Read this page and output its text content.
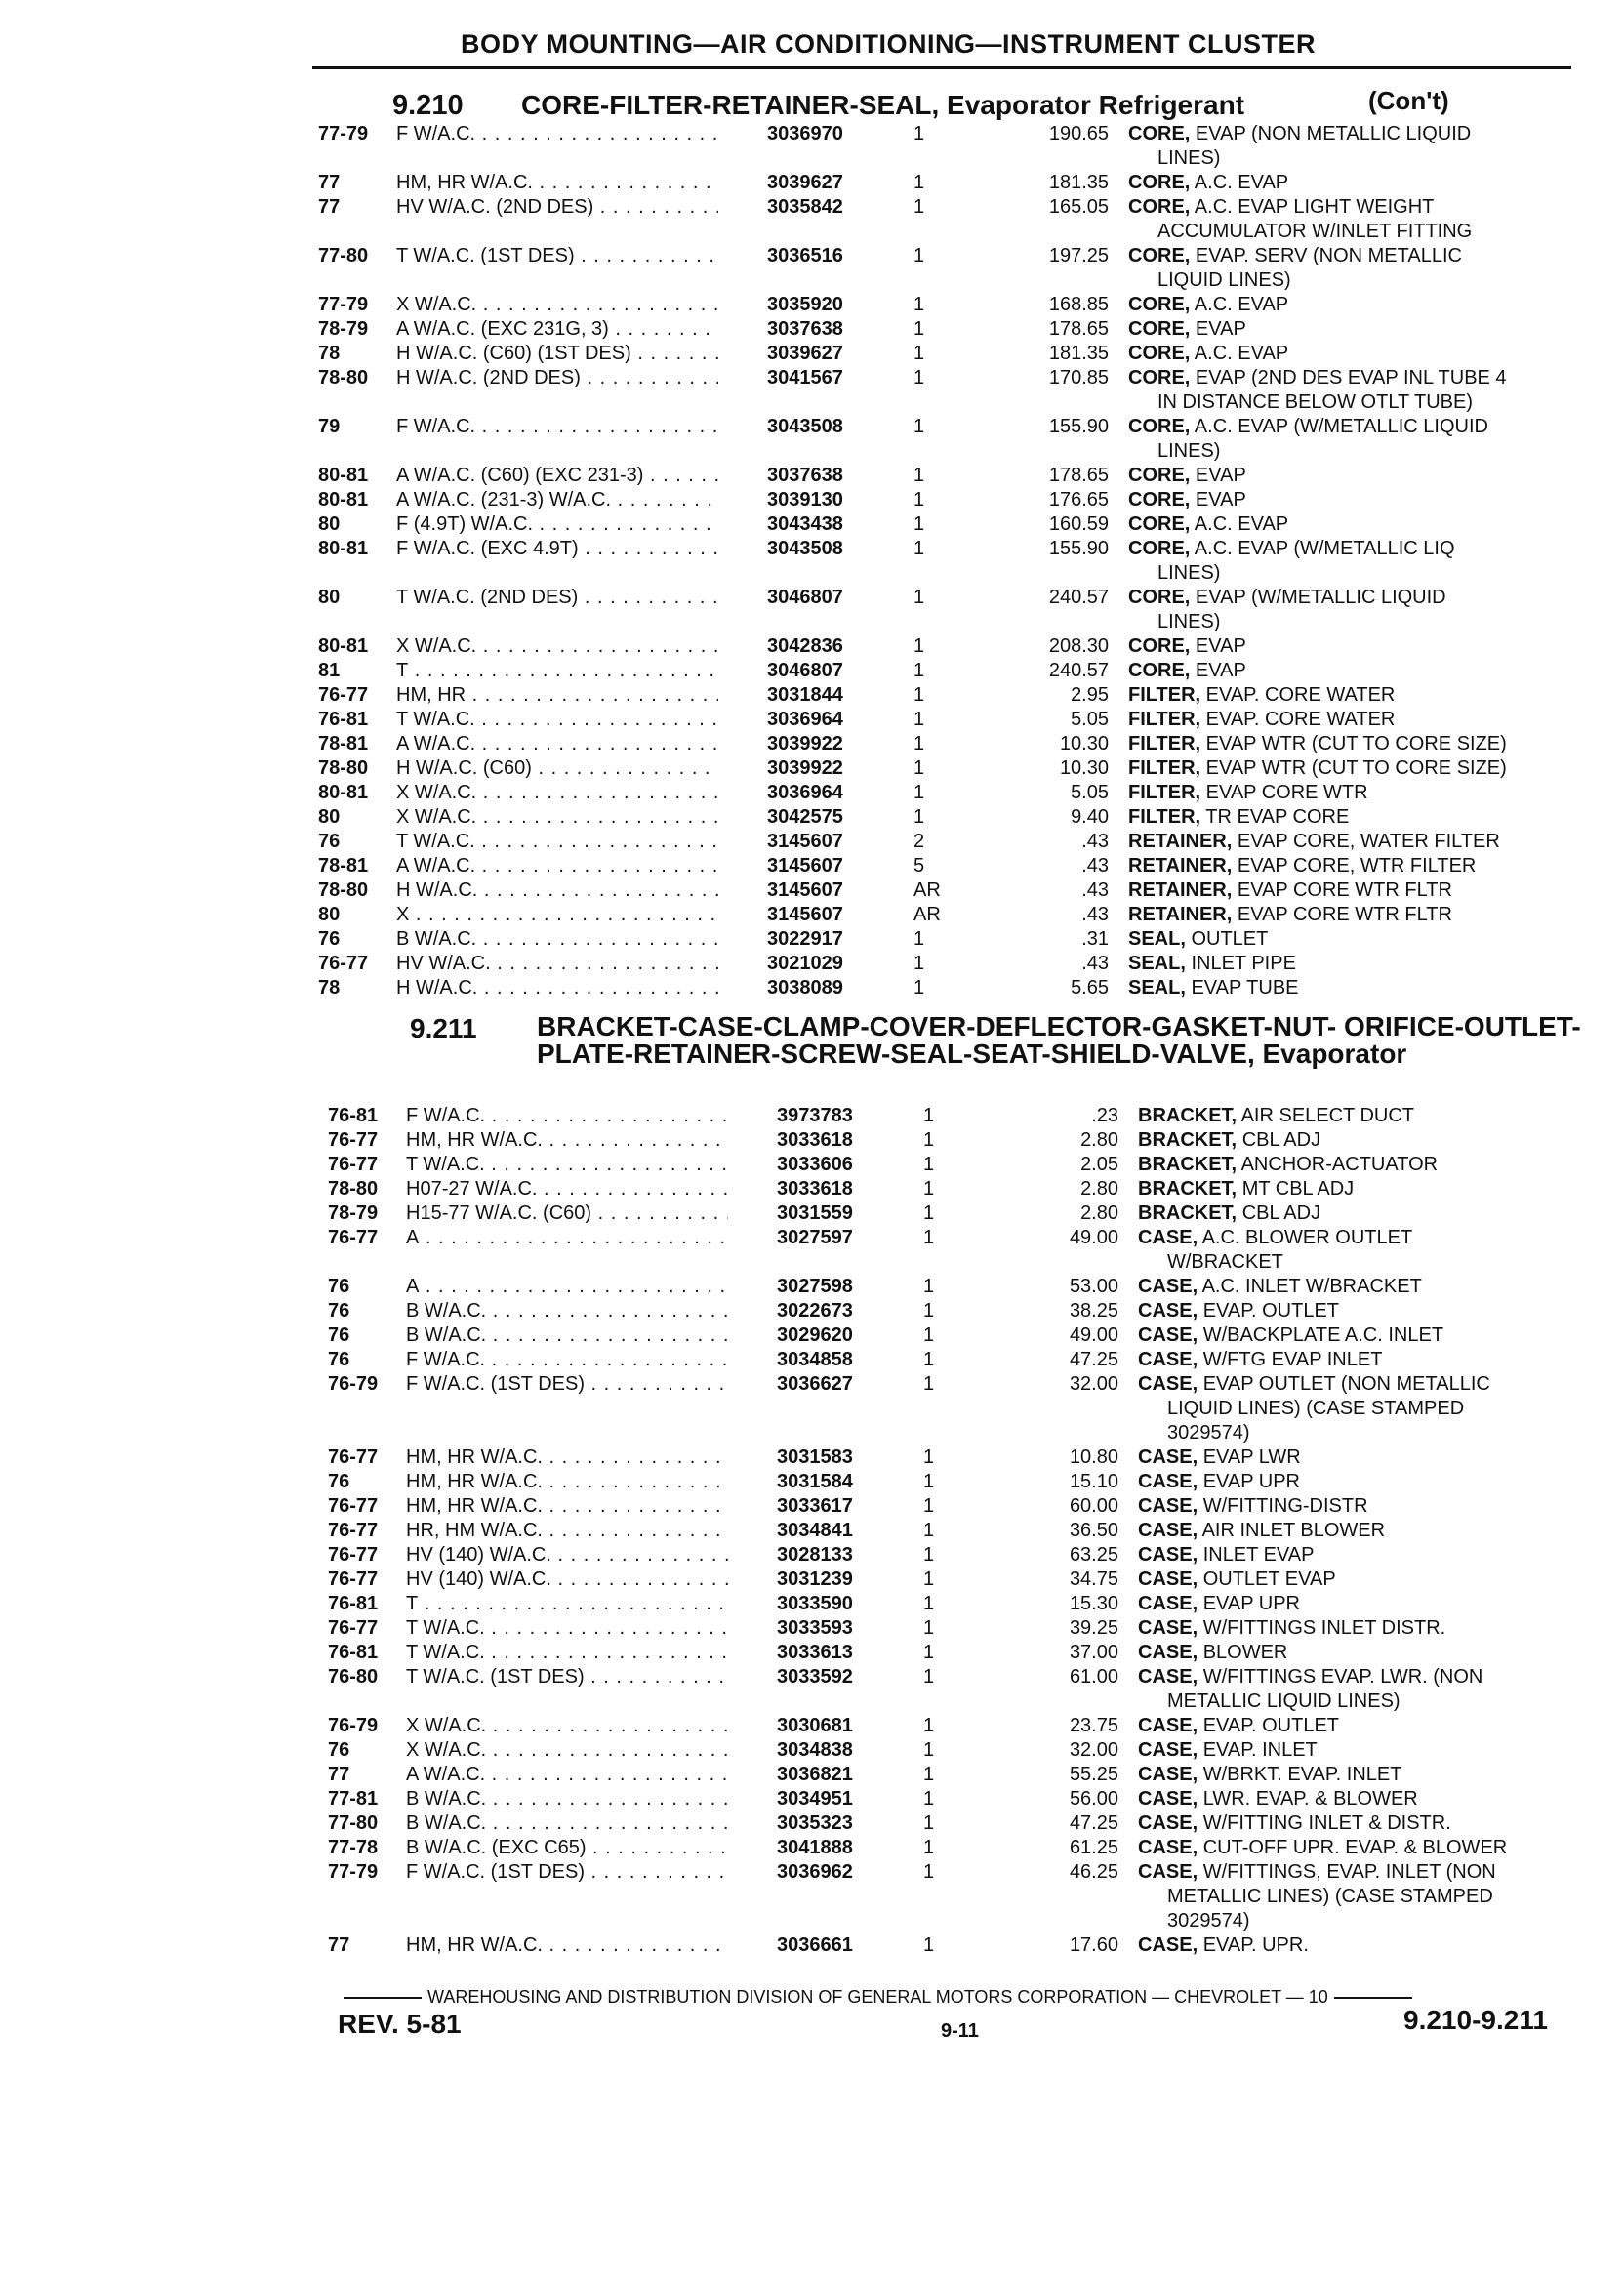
BODY MOUNTING—AIR CONDITIONING—INSTRUMENT CLUSTER
9.210 CORE-FILTER-RETAINER-SEAL, Evaporator Refrigerant	(Con't)
77-79 F W/A.C. . . .	3036970	1	190.65 CORE, EVAP (NON METALLIC LIQUID
LINES)
77	HM, HR W/A.C. . . .	3039627	1	181.35 CORE, A.C. EVAP
77	HV W/A.C. (2ND DES) . . .	3035842	1	165.05 CORE, A.C. EVAP LIGHT WEIGHT
ACCUMULATOR W/INLET FITTING
77-80 T W/A.C. (1ST DES) . . .	3036516	1	197.25 CORE, EVAP. SERV (NON METALLIC
LIQUID LINES)
77-79 X W/A.C. . . .	3035920	1	168.85 CORE, A.C. EVAP
78-79 A W/A.C. (EXC 231G, 3) . . .	3037638	1	178.65 CORE, EVAP
78	H W/A.C. (C60) (1ST DES) . . .	3039627	1	181.35 CORE, A.C. EVAP
78-80 H W/A.C. (2ND DES) . . .	3041567	1	170.85 CORE, EVAP (2ND DES EVAP INL TUBE 4
IN DISTANCE BELOW OTLT TUBE)
79	F W/A.C. . . .	3043508	1	155.90 CORE, A.C. EVAP (W/METALLIC LIQUID
LINES)
80-81 A W/A.C. (C60) (EXC 231-3) . . .	3037638	1	178.65 CORE, EVAP
80-81 A W/A.C. (231-3) W/A.C. . . .	3039130	1	176.65 CORE, EVAP
80	F (4.9T) W/A.C. . . .	3043438	1	160.59 CORE, A.C. EVAP
80-81 F W/A.C. (EXC 4.9T) . . .	3043508	1	155.90 CORE, A.C. EVAP (W/METALLIC LIQ
LINES)
80	T W/A.C. (2ND DES) . . .	3046807	1	240.57 CORE, EVAP (W/METALLIC LIQUID
LINES)
80-81 X W/A.C. . . .	3042836	1	208.30 CORE, EVAP
81	T . . .	3046807	1	240.57 CORE, EVAP
76-77 HM, HR . . .	3031844	1	2.95 FILTER, EVAP. CORE WATER
76-81 T W/A.C. . . .	3036964	1	5.05 FILTER, EVAP. CORE WATER
78-81 A W/A.C. . . .	3039922	1	10.30 FILTER, EVAP WTR (CUT TO CORE SIZE)
78-80 H W/A.C. (C60) . . .	3039922	1	10.30 FILTER, EVAP WTR (CUT TO CORE SIZE)
80-81 X W/A.C. . . .	3036964	1	5.05 FILTER, EVAP CORE WTR
80	X W/A.C. . . .	3042575	1	9.40 FILTER, TR EVAP CORE
76	T W/A.C. . . .	3145607	2	.43 RETAINER, EVAP CORE, WATER FILTER
78-81 A W/A.C. . . .	3145607	5	.43 RETAINER, EVAP CORE, WTR FILTER
78-80 H W/A.C. . . .	3145607	AR	.43 RETAINER, EVAP CORE WTR FLTR
80	X . . .	3145607	AR	.43 RETAINER, EVAP CORE WTR FLTR
76	B W/A.C. . . .	3022917	1	.31 SEAL, OUTLET
76-77 HV W/A.C. . . .	3021029	1	.43 SEAL, INLET PIPE
78	H W/A.C. . . .	3038089	1	5.65 SEAL, EVAP TUBE
9.211 BRACKET-CASE-CLAMP-COVER-DEFLECTOR-GASKET-NUT- ORIFICE-OUTLET-PLATE-RETAINER-SCREW-SEAL-SEAT-SHIELD-VALVE, Evaporator
76-81 F W/A.C. . . .	3973783	1	.23 BRACKET, AIR SELECT DUCT
76-77 HM, HR W/A.C. . . .	3033618	1	2.80 BRACKET, CBL ADJ
76-77 T W/A.C. . . .	3033606	1	2.05 BRACKET, ANCHOR-ACTUATOR
78-80 H07-27 W/A.C. . . .	3033618	1	2.80 BRACKET, MT CBL ADJ
78-79 H15-77 W/A.C. (C60) . . .	3031559	1	2.80 BRACKET, CBL ADJ
76-77 A . . .	3027597	1	49.00 CASE, A.C. BLOWER OUTLET
W/BRACKET
76	A . . .	3027598	1	53.00 CASE, A.C. INLET W/BRACKET
76	B W/A.C. . . .	3022673	1	38.25 CASE, EVAP. OUTLET
76	B W/A.C. . . .	3029620	1	49.00 CASE, W/BACKPLATE A.C. INLET
76	F W/A.C. . . .	3034858	1	47.25 CASE, W/FTG EVAP INLET
76-79 F W/A.C. (1ST DES) . . .	3036627	1	32.00 CASE, EVAP OUTLET (NON METALLIC
LIQUID LINES) (CASE STAMPED
3029574)
76-77 HM, HR W/A.C. . . .	3031583	1	10.80 CASE, EVAP LWR
76	HM, HR W/A.C. . . .	3031584	1	15.10 CASE, EVAP UPR
76-77 HM, HR W/A.C. . . .	3033617	1	60.00 CASE, W/FITTING-DISTR
76-77 HR, HM W/A.C. . . .	3034841	1	36.50 CASE, AIR INLET BLOWER
76-77 HV (140) W/A.C. . . .	3028133	1	63.25 CASE, INLET EVAP
76-77 HV (140) W/A.C. . . .	3031239	1	34.75 CASE, OUTLET EVAP
76-81 T . . .	3033590	1	15.30 CASE, EVAP UPR
76-77 T W/A.C. . . .	3033593	1	39.25 CASE, W/FITTINGS INLET DISTR.
76-81 T W/A.C. . . .	3033613	1	37.00 CASE, BLOWER
76-80 T W/A.C. (1ST DES) . . .	3033592	1	61.00 CASE, W/FITTINGS EVAP. LWR. (NON
METALLIC LIQUID LINES)
76-79 X W/A.C. . . .	3030681	1	23.75 CASE, EVAP. OUTLET
76	X W/A.C. . . .	3034838	1	32.00 CASE, EVAP. INLET
77	A W/A.C. . . .	3036821	1	55.25 CASE, W/BRKT. EVAP. INLET
77-81 B W/A.C. . . .	3034951	1	56.00 CASE, LWR. EVAP. & BLOWER
77-80 B W/A.C. . . .	3035323	1	47.25 CASE, W/FITTING INLET & DISTR.
77-78 B W/A.C. (EXC C65) . . .	3041888	1	61.25 CASE, CUT-OFF UPR. EVAP. & BLOWER
77-79 F W/A.C. (1ST DES) . . .	3036962	1	46.25 CASE, W/FITTINGS, EVAP. INLET (NON
METALLIC LINES) (CASE STAMPED
3029574)
77	HM, HR W/A.C. . . .	3036661	1	17.60 CASE, EVAP. UPR.
WAREHOUSING AND DISTRIBUTION DIVISION OF GENERAL MOTORS CORPORATION — CHEVROLET — 10
REV. 5-81	9-11	9.210-9.211
